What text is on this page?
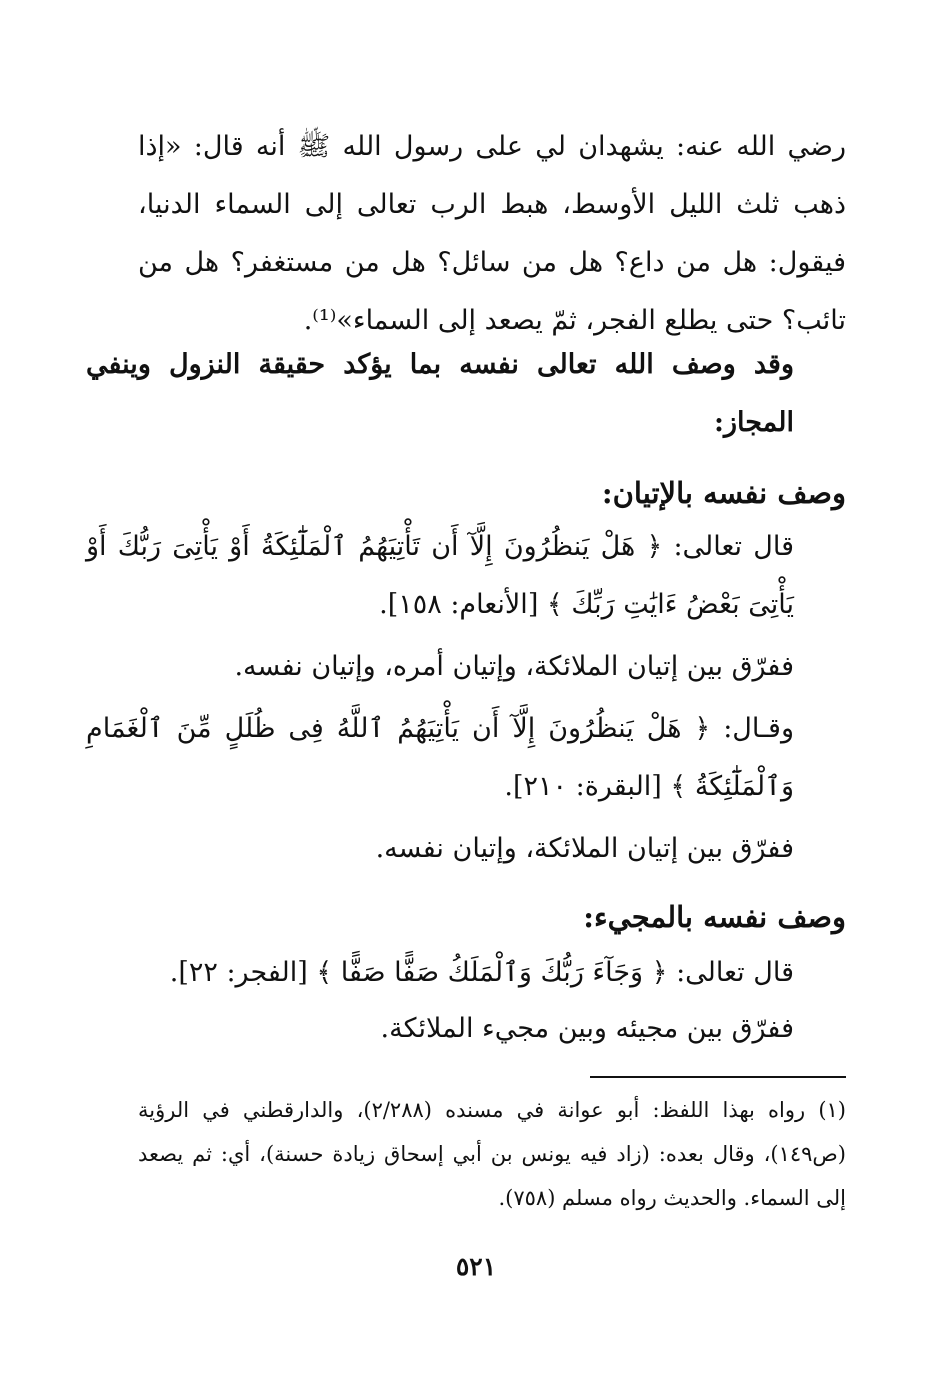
رضي الله عنه: يشهدان لي على رسول الله ﷺ أنه قال: «إذا ذهب ثلث الليل الأوسط، هبط الرب تعالى إلى السماء الدنيا، فيقول: هل من داع؟ هل من سائل؟ هل من مستغفر؟ هل من تائب؟ حتى يطلع الفجر، ثمّ يصعد إلى السماء»⁽¹⁾.
وقد وصف الله تعالى نفسه بما يؤكد حقيقة النزول وينفي المجاز:
وصف نفسه بالإتيان:
قال تعالى: ﴿ هَلْ يَنظُرُونَ إِلَّآ أَن تَأْتِيَهُمُ ٱلْمَلَٰٓئِكَةُ أَوْ يَأْتِىَ رَبُّكَ أَوْ يَأْتِىَ بَعْضُ ءَايَٰتِ رَبِّكَ ﴾ [الأنعام: ١٥٨].
ففرّق بين إتيان الملائكة، وإتيان أمره، وإتيان نفسه.
وقـال: ﴿ هَلْ يَنظُرُونَ إِلَّآ أَن يَأْتِيَهُمُ ٱللَّهُ فِى ظُلَلٍ مِّنَ ٱلْغَمَامِ وَٱلْمَلَٰٓئِكَةُ ﴾ [البقرة: ٢١٠].
ففرّق بين إتيان الملائكة، وإتيان نفسه.
وصف نفسه بالمجيء:
قال تعالى: ﴿ وَجَآءَ رَبُّكَ وَٱلْمَلَكُ صَفًّا صَفًّا ﴾ [الفجر: ٢٢].
ففرّق بين مجيئه وبين مجيء الملائكة.
(١) رواه بهذا اللفظ: أبو عوانة في مسنده (٢/٢٨٨)، والدارقطني في الرؤية (ص١٤٩)، وقال بعده: (زاد فيه يونس بن أبي إسحاق زيادة حسنة)، أي: ثم يصعد إلى السماء. والحديث رواه مسلم (٧٥٨).
٥٢١
